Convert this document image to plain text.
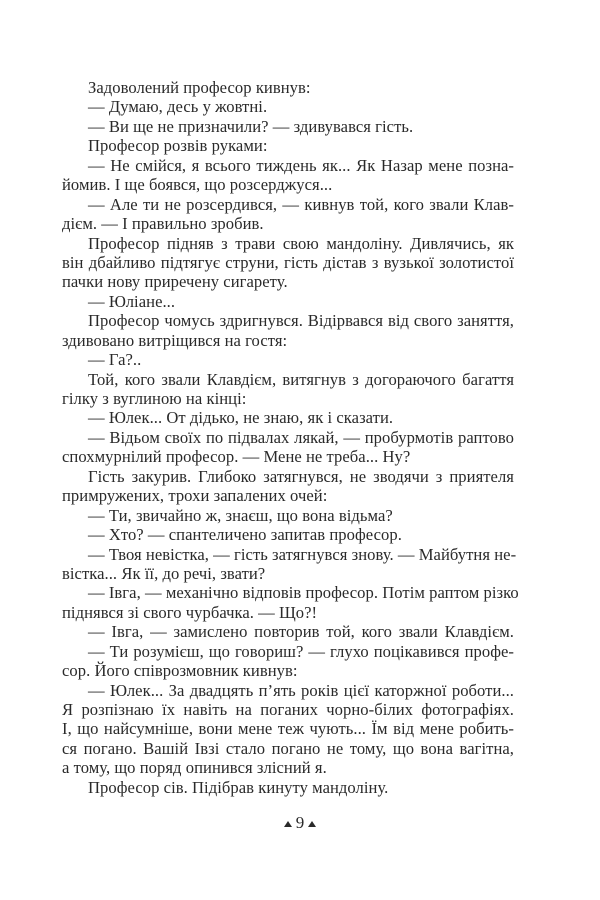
Задоволений професор кивнув:
— Думаю, десь у жовтні.
— Ви ще не призначили? — здивувався гість.
Професор розвів руками:
— Не смійся, я всього тиждень як... Як Назар мене позна-
йомив. І ще боявся, що розсерджуся...
— Але ти не розсердився, — кивнув той, кого звали Клав-
дієм. — І правильно зробив.
Професор підняв з трави свою мандоліну. Дивлячись, як
він дбайливо підтягує струни, гість дістав з вузької золотистої
пачки нову приречену сигарету.
— Юліане...
Професор чомусь здригнувся. Відірвався від свого заняття,
здивовано витріщився на гостя:
— Га?..
Той, кого звали Клавдієм, витягнув з догораючого багаття
гілку з вуглиною на кінці:
— Юлек... От дідько, не знаю, як і сказати.
— Відьом своїх по підвалах лякай, — пробурмотів раптово
спохмурнілий професор. — Мене не треба... Ну?
Гість закурив. Глибоко затягнувся, не зводячи з приятеля
примружених, трохи запалених очей:
— Ти, звичайно ж, знаєш, що вона відьма?
— Хто? — спантеличено запитав професор.
— Твоя невістка, — гість затягнувся знову. — Майбутня не-
вістка... Як її, до речі, звати?
— Івга, — механічно відповів професор. Потім раптом різко
піднявся зі свого чурбачка. — Що?!
— Івга, — замислено повторив той, кого звали Клавдієм.
— Ти розумієш, що говориш? — глухо поцікавився профе-
сор. Його співрозмовник кивнув:
— Юлек... За двадцять п’ять років цієї каторжної роботи...
Я розпізнаю їх навіть на поганих чорно-білих фотографіях.
І, що найсумніше, вони мене теж чують... Їм від мене робить-
ся погано. Вашій Івзі стало погано не тому, що вона вагітна,
а тому, що поряд опинився злісний я.
Професор сів. Підібрав кинуту мандоліну.
9
